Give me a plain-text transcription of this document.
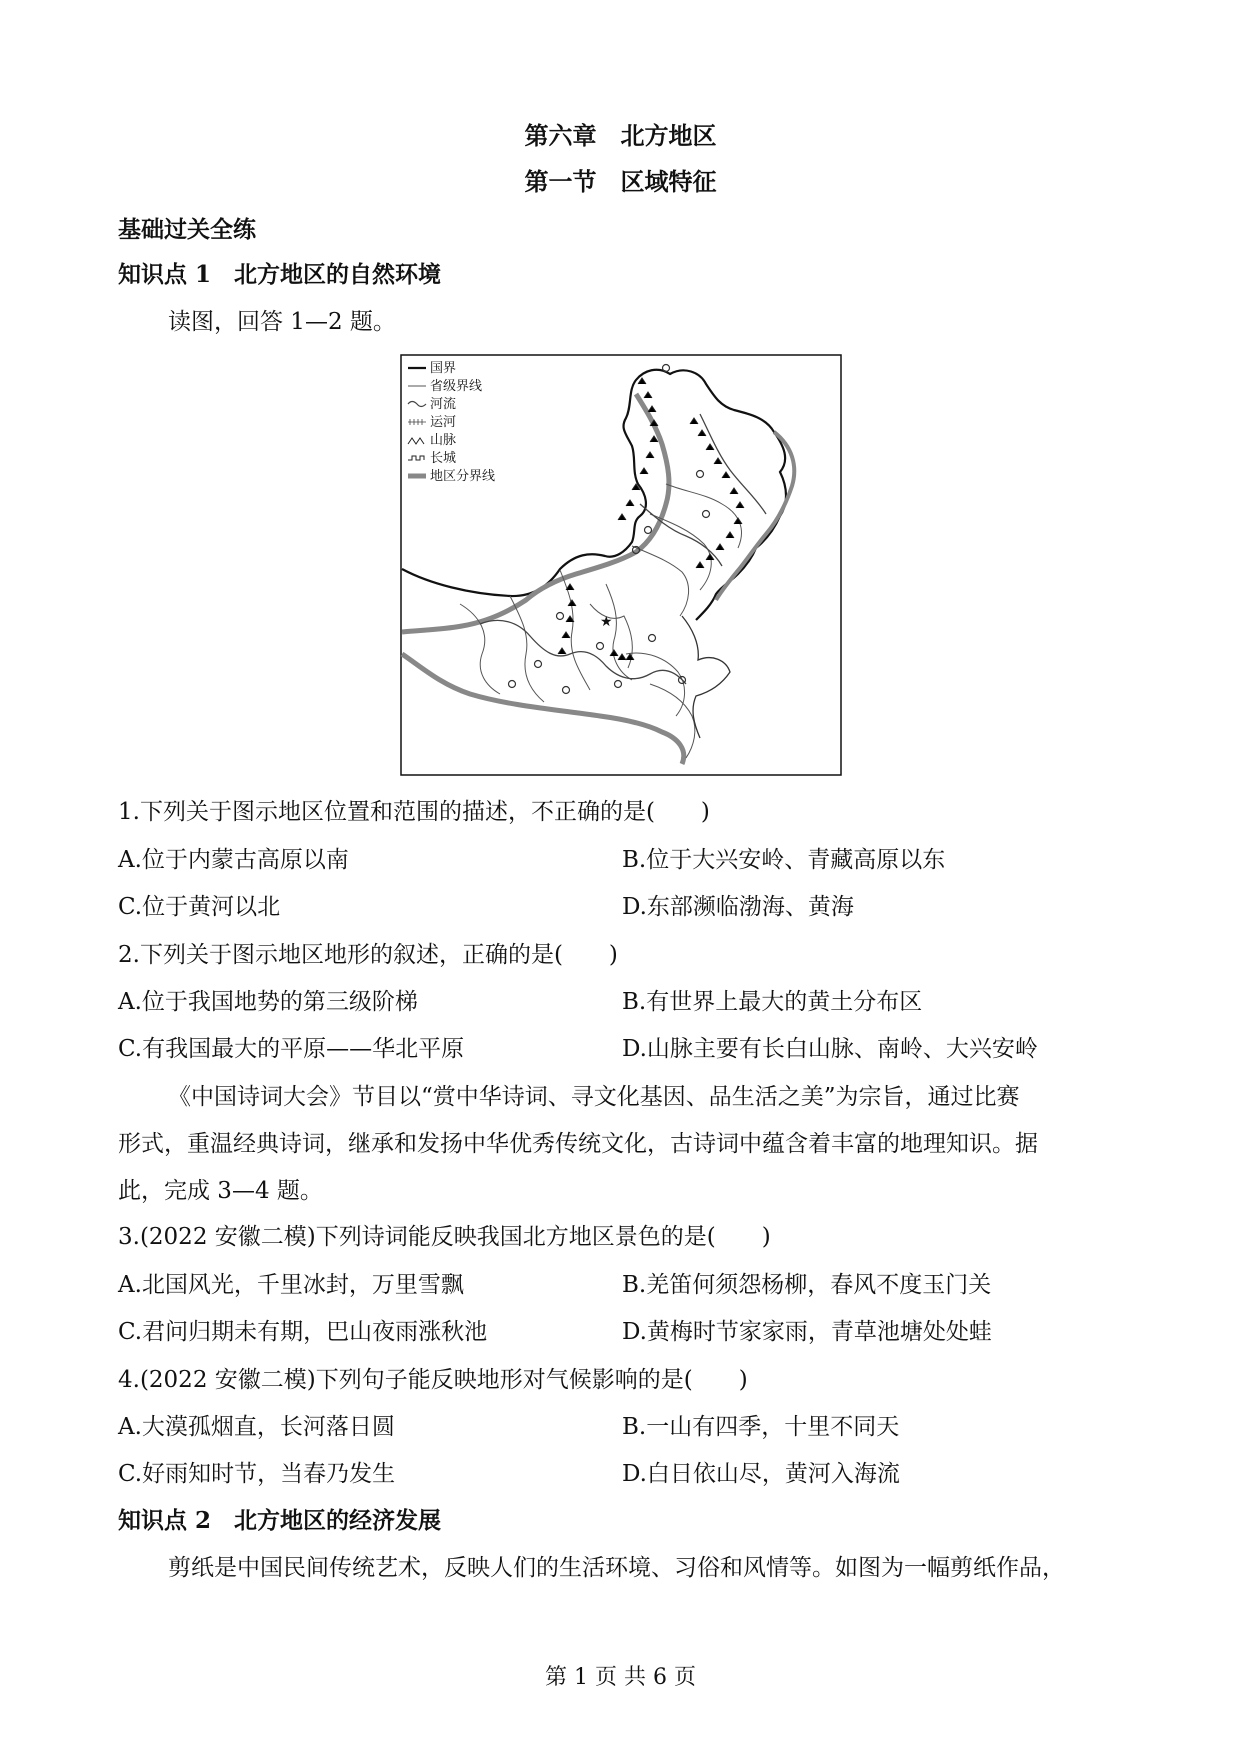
第六章　北方地区
第一节　区域特征
基础过关全练
知识点 1　北方地区的自然环境
读图，回答 1—2 题。
★
国界
省级界线
河流
运河
山脉
长城
地区分界线
1.下列关于图示地区位置和范围的描述，不正确的是(　　)
A.位于内蒙古高原以南	B.位于大兴安岭、青藏高原以东
C.位于黄河以北	D.东部濒临渤海、黄海
2.下列关于图示地区地形的叙述，正确的是(　　)
A.位于我国地势的第三级阶梯	B.有世界上最大的黄土分布区
C.有我国最大的平原——华北平原	D.山脉主要有长白山脉、南岭、大兴安岭
《中国诗词大会》节目以“赏中华诗词、寻文化基因、品生活之美”为宗旨，通过比赛
形式，重温经典诗词，继承和发扬中华优秀传统文化，古诗词中蕴含着丰富的地理知识。据
此，完成 3—4 题。
3.(2022 安徽二模)下列诗词能反映我国北方地区景色的是(　　)
A.北国风光，千里冰封，万里雪飘	B.羌笛何须怨杨柳，春风不度玉门关
C.君问归期未有期，巴山夜雨涨秋池	D.黄梅时节家家雨，青草池塘处处蛙
4.(2022 安徽二模)下列句子能反映地形对气候影响的是(　　)
A.大漠孤烟直，长河落日圆	B.一山有四季，十里不同天
C.好雨知时节，当春乃发生	D.白日依山尽，黄河入海流
知识点 2　北方地区的经济发展
剪纸是中国民间传统艺术，反映人们的生活环境、习俗和风情等。如图为一幅剪纸作品，
第 1 页 共 6 页
